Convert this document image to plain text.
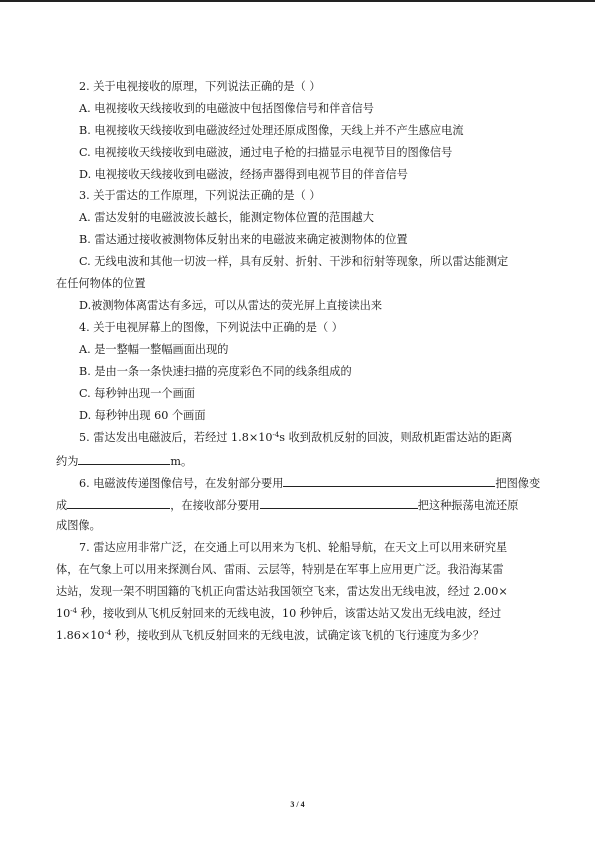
2. 关于电视接收的原理，下列说法正确的是（ ）
A. 电视接收天线接收到的电磁波中包括图像信号和伴音信号
B. 电视接收天线接收到电磁波经过处理还原成图像，天线上并不产生感应电流
C. 电视接收天线接收到电磁波，通过电子枪的扫描显示电视节目的图像信号
D. 电视接收天线接收到电磁波，经扬声器得到电视节目的伴音信号
3. 关于雷达的工作原理，下列说法正确的是（ ）
A. 雷达发射的电磁波波长越长，能测定物体位置的范围越大
B. 雷达通过接收被测物体反射出来的电磁波来确定被测物体的位置
C. 无线电波和其他一切波一样，具有反射、折射、干涉和衍射等现象，所以雷达能测定
在任何物体的位置
D.被测物体离雷达有多远，可以从雷达的荧光屏上直接读出来
4. 关于电视屏幕上的图像，下列说法中正确的是（ ）
A. 是一整幅一整幅画面出现的
B. 是由一条一条快速扫描的亮度彩色不同的线条组成的
C. 每秒钟出现一个画面
D. 每秒钟出现 60 个画面
5. 雷达发出电磁波后，若经过 $1.8\times 10^{-4}s$ 收到敌机反射的回波，则敌机距雷达站的距离
约为	m。
6. 电磁波传递图像信号，在发射部分要用	把图像变
成	，在接收部分要用	把这种振荡电流还原
成图像。
7. 雷达应用非常广泛，在交通上可以用来为飞机、轮船导航，在天文上可以用来研究星
体，在气象上可以用来探测台风、雷雨、云层等，特别是在军事上应用更广泛。我沿海某雷
达站，发现一架不明国籍的飞机正向雷达站我国领空飞来，雷达发出无线电波，经过 2.00×
$10^{-4}$ 秒，接收到从飞机反射回来的无线电波，10 秒钟后，该雷达站又发出无线电波，经过
$1.86\times 10^{-4}$ 秒，接收到从飞机反射回来的无线电波，试确定该飞机的飞行速度为多少？
3 / 4
